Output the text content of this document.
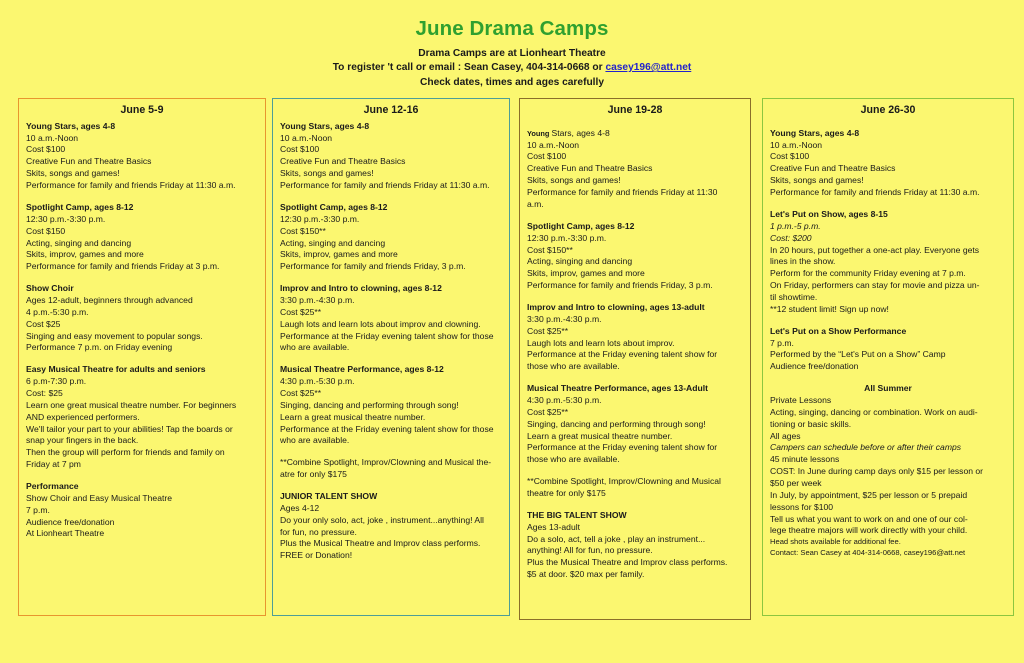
June Drama Camps
Drama Camps are at Lionheart Theatre
To register 't call or email : Sean Casey, 404-314-0668 or casey196@att.net
Check dates, times and ages carefully
June 5-9
Young Stars, ages 4-8
10 a.m.-Noon
Cost $100
Creative Fun and Theatre Basics
Skits, songs and games!
Performance for family and friends Friday at 11:30 a.m.
Spotlight Camp, ages 8-12
12:30 p.m.-3:30 p.m.
Cost $150
Acting, singing and dancing
Skits, improv, games and more
Performance for family and friends Friday at 3 p.m.
Show Choir
Ages 12-adult, beginners through advanced
4 p.m.-5:30 p.m.
Cost $25
Singing and easy movement to popular songs.
Performance 7 p.m. on Friday evening
Easy Musical Theatre for adults and seniors
6 p.m-7:30 p.m.
Cost: $25
Learn one great musical theatre number. For beginners
AND experienced performers.
We'll tailor your part to your abilities! Tap the boards or
snap your fingers in the back.
Then the group will perform for friends and family on
Friday at 7 pm
Performance
Show Choir and Easy Musical Theatre
7 p.m.
Audience free/donation
At Lionheart Theatre
June 12-16
Young Stars, ages 4-8
10 a.m.-Noon
Cost $100
Creative Fun and Theatre Basics
Skits, songs and games!
Performance for family and friends Friday at 11:30 a.m.
Spotlight Camp, ages 8-12
12:30 p.m.-3:30 p.m.
Cost $150**
Acting, singing and dancing
Skits, improv, games and more
Performance for family and friends Friday, 3 p.m.
Improv and Intro to clowning, ages 8-12
3:30 p.m.-4:30 p.m.
Cost $25**
Laugh lots and learn lots about improv and clowning.
Performance at the Friday evening talent show for those
who are available.
Musical Theatre Performance, ages 8-12
4:30 p.m.-5:30 p.m.
Cost $25**
Singing, dancing and performing through song!
Learn a great musical theatre number.
Performance at the Friday evening talent show for those
who are available.
**Combine Spotlight, Improv/Clowning and Musical the-
atre for only $175
JUNIOR TALENT SHOW
Ages 4-12
Do your only solo, act, joke , instrument...anything! All
for fun, no pressure.
Plus the Musical Theatre and Improv class performs.
FREE or Donation!
June 19-28
Young Stars, ages 4-8
10 a.m.-Noon
Cost $100
Creative Fun and Theatre Basics
Skits, songs and games!
Performance for family and friends Friday at 11:30
a.m.
Spotlight Camp, ages 8-12
12:30 p.m.-3:30 p.m.
Cost $150**
Acting, singing and dancing
Skits, improv, games and more
Performance for family and friends Friday, 3 p.m.
Improv and Intro to clowning, ages 13-adult
3:30 p.m.-4:30 p.m.
Cost $25**
Laugh lots and learn lots about improv.
Performance at the Friday evening talent show for
those who are available.
Musical Theatre Performance, ages 13-Adult
4:30 p.m.-5:30 p.m.
Cost $25**
Singing, dancing and performing through song!
Learn a great musical theatre number.
Performance at the Friday evening talent show for
those who are available.
**Combine Spotlight, Improv/Clowning and Musical
theatre for only $175
THE BIG TALENT SHOW
Ages 13-adult
Do a solo, act, tell a joke , play an instrument...
anything! All for fun, no pressure.
Plus the Musical Theatre and Improv class performs.
$5 at door. $20 max per family.
June 26-30
Young Stars, ages 4-8
10 a.m.-Noon
Cost $100
Creative Fun and Theatre Basics
Skits, songs and games!
Performance for family and friends Friday at 11:30 a.m.
Let's Put on Show, ages 8-15
1 p.m.-5 p.m.
Cost: $200
In 20 hours, put together a one-act play. Everyone gets
lines in the show.
Perform for the community Friday evening at 7 p.m.
On Friday, performers can stay for movie and pizza un-
til showtime.
**12 student limit! Sign up now!
Let's Put on a Show Performance
7 p.m.
Performed by the “Let's Put on a Show” Camp
Audience free/donation
All Summer
Private Lessons
Acting, singing, dancing or combination. Work on audi-
tioning or basic skills.
All ages
Campers can schedule before or after their camps
45 minute lessons
COST: In June during camp days only $15 per lesson or
$50 per week
In July, by appointment, $25 per lesson or 5 prepaid
lessons for $100
Tell us what you want to work on and one of our col-
lege theatre majors will work directly with your child.
Head shots available for additional fee.
Contact: Sean Casey at 404-314-0668, casey196@att.net
